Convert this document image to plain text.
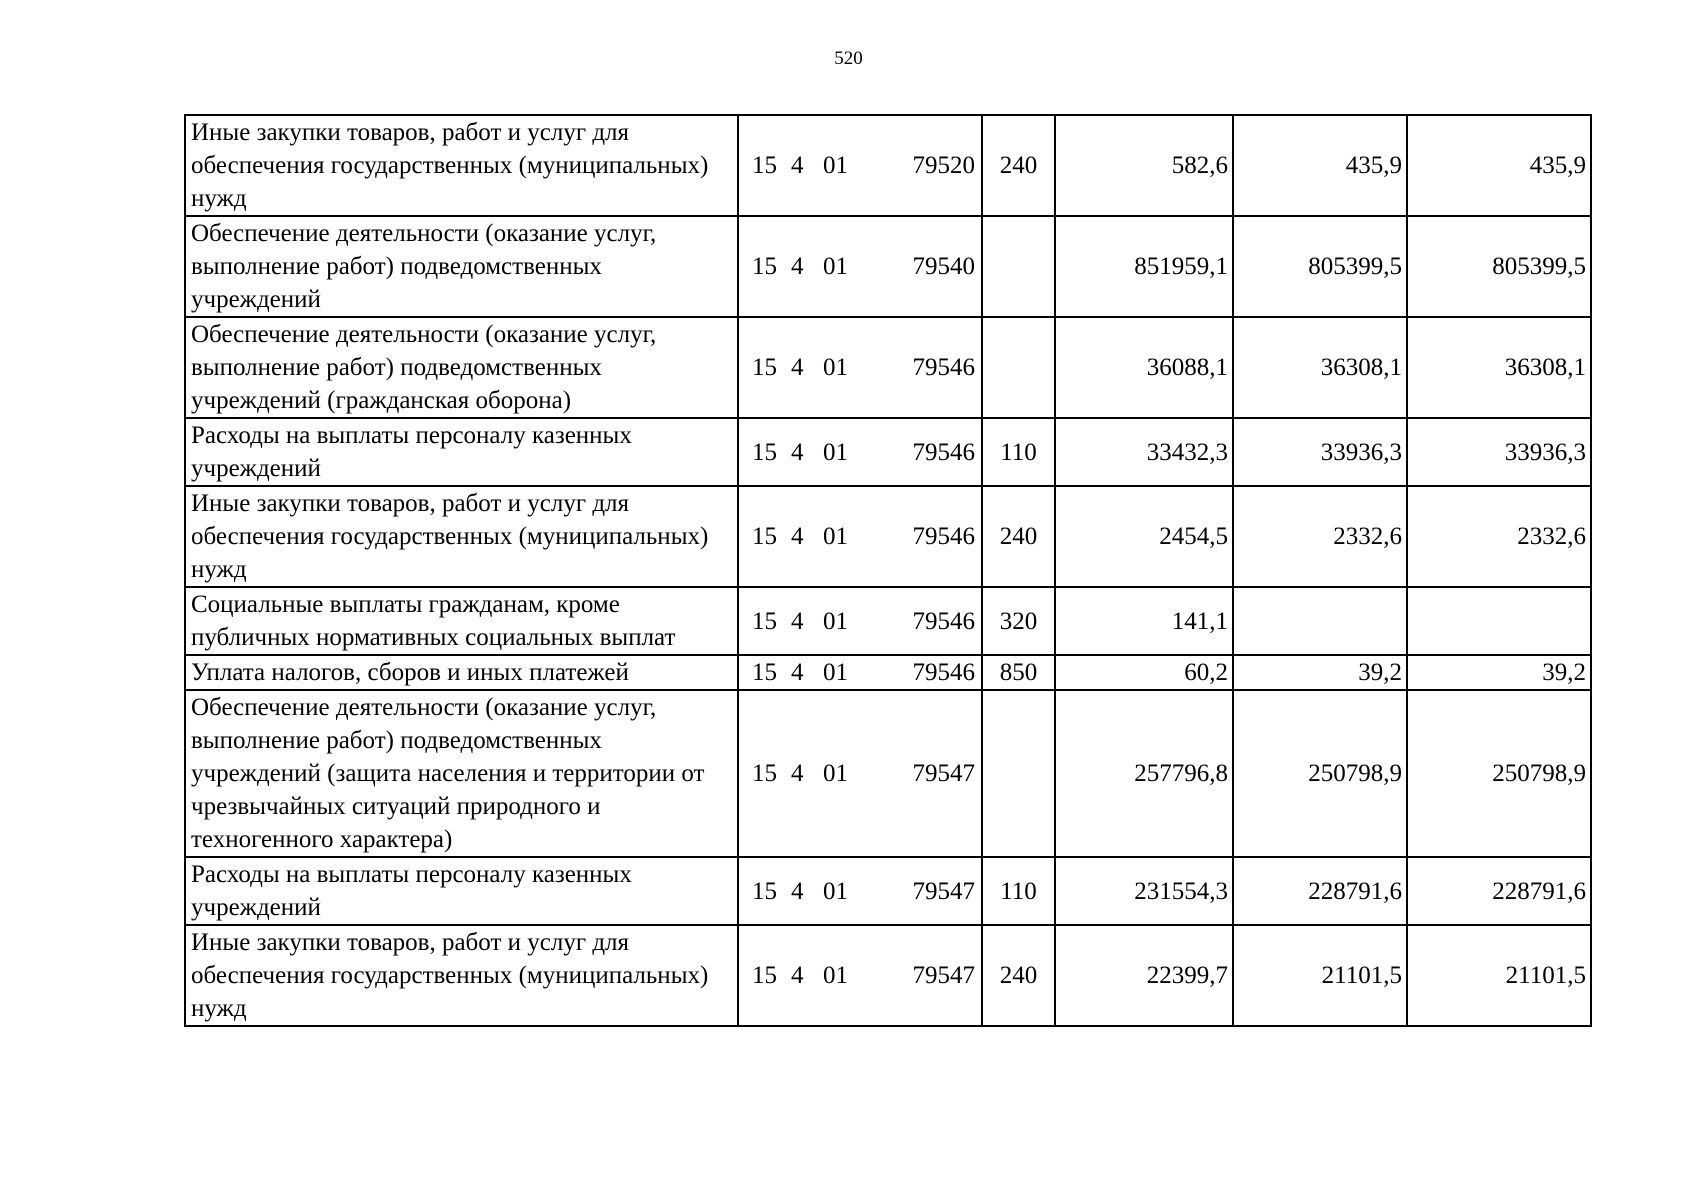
520
Иные закупки товаров, работ и услуг для обеспечения государственных (муниципальных) нужд	15 4 01 79520	240	582,6	435,9	435,9
Обеспечение деятельности (оказание услуг, выполнение работ) подведомственных учреждений	15 4 01 79540		851959,1	805399,5	805399,5
Обеспечение деятельности (оказание услуг, выполнение работ) подведомственных учреждений (гражданская оборона)	15 4 01 79546		36088,1	36308,1	36308,1
Расходы на выплаты персоналу казенных учреждений	15 4 01 79546	110	33432,3	33936,3	33936,3
Иные закупки товаров, работ и услуг для обеспечения государственных (муниципальных) нужд	15 4 01 79546	240	2454,5	2332,6	2332,6
Социальные выплаты гражданам, кроме публичных нормативных социальных выплат	15 4 01 79546	320	141,1		
Уплата налогов, сборов и иных платежей	15 4 01 79546	850	60,2	39,2	39,2
Обеспечение деятельности (оказание услуг, выполнение работ) подведомственных учреждений (защита населения и территории от чрезвычайных ситуаций природного и техногенного характера)	15 4 01 79547		257796,8	250798,9	250798,9
Расходы на выплаты персоналу казенных учреждений	15 4 01 79547	110	231554,3	228791,6	228791,6
Иные закупки товаров, работ и услуг для обеспечения государственных (муниципальных) нужд	15 4 01 79547	240	22399,7	21101,5	21101,5
